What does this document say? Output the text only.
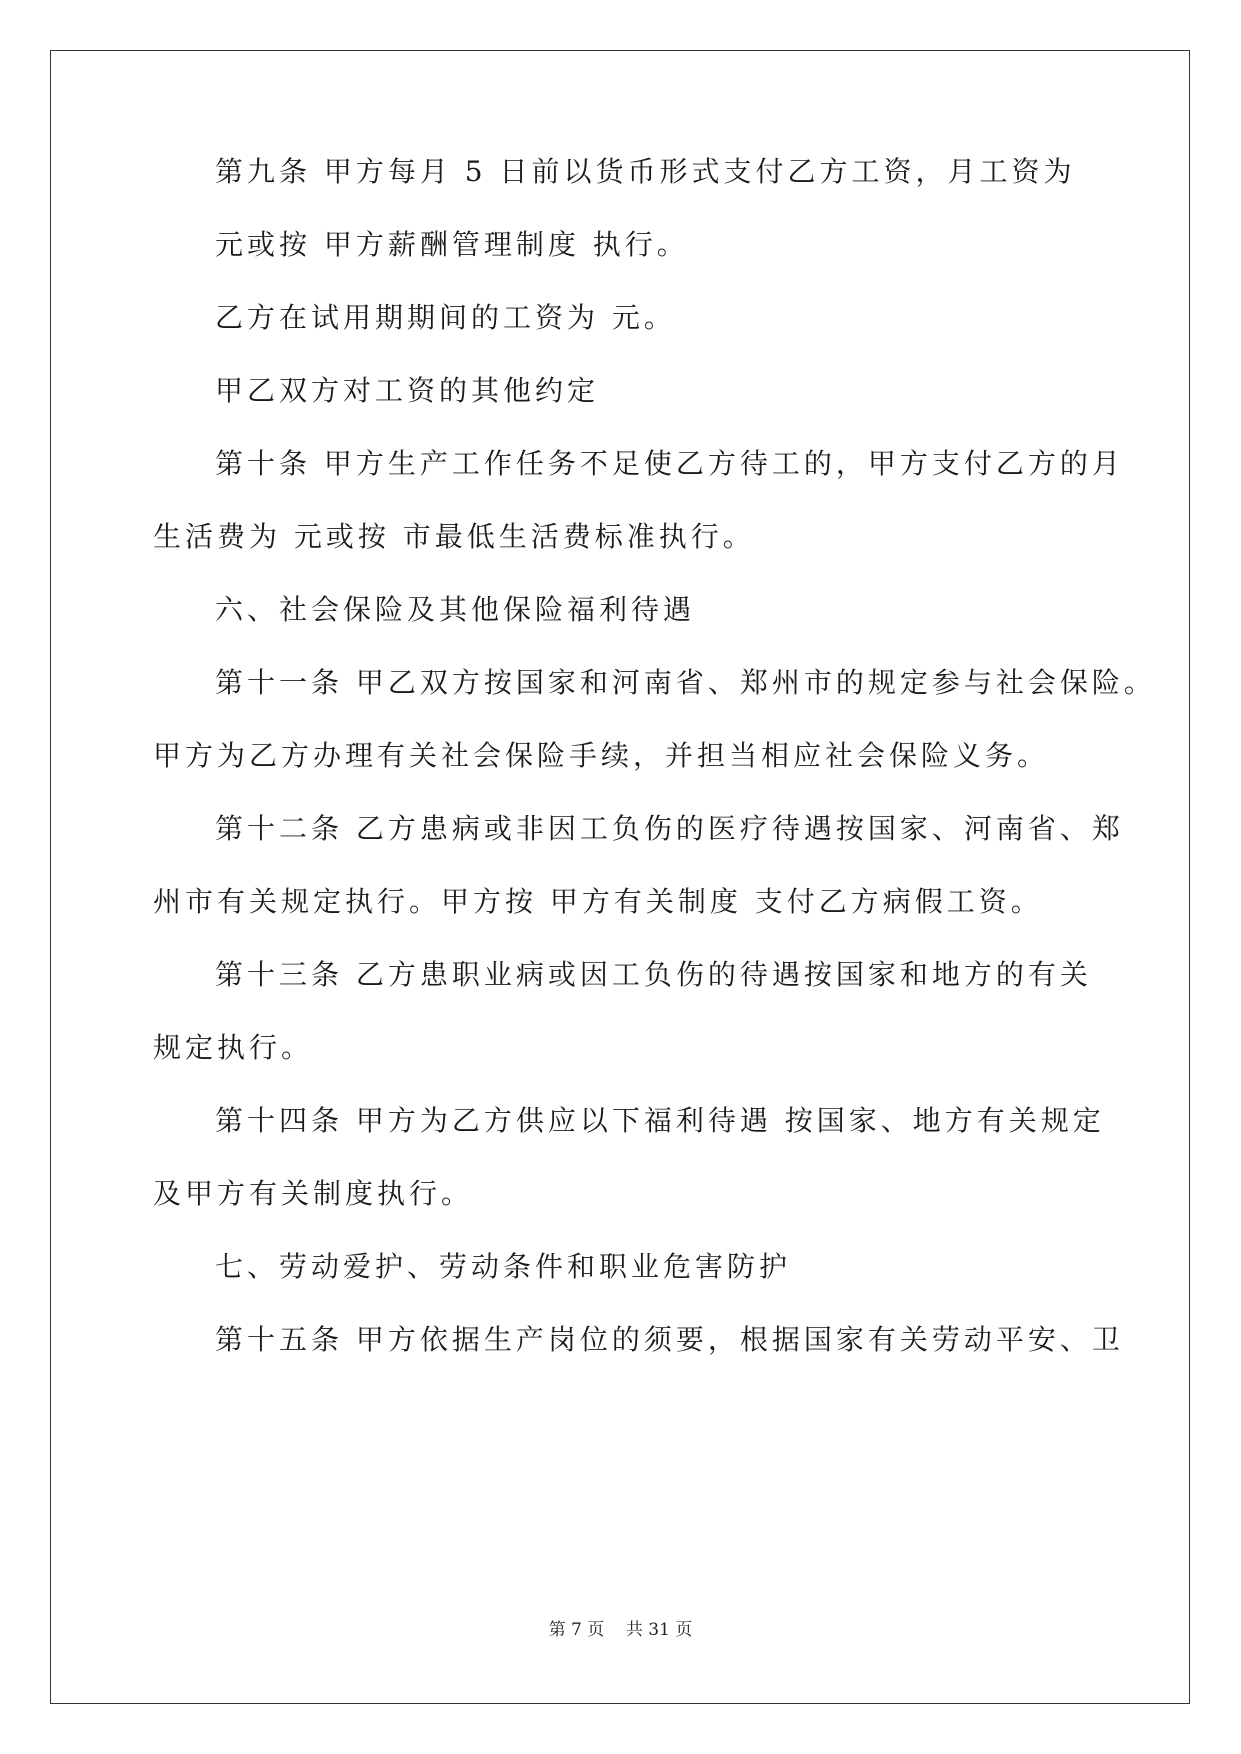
第九条 甲方每月 5 日前以货币形式支付乙方工资，月工资为
元或按 甲方薪酬管理制度 执行。
乙方在试用期期间的工资为 元。
甲乙双方对工资的其他约定
第十条 甲方生产工作任务不足使乙方待工的，甲方支付乙方的月
生活费为 元或按 市最低生活费标准执行。
六、社会保险及其他保险福利待遇
第十一条 甲乙双方按国家和河南省、郑州市的规定参与社会保险。
甲方为乙方办理有关社会保险手续，并担当相应社会保险义务。
第十二条 乙方患病或非因工负伤的医疗待遇按国家、河南省、郑
州市有关规定执行。甲方按 甲方有关制度 支付乙方病假工资。
第十三条 乙方患职业病或因工负伤的待遇按国家和地方的有关
规定执行。
第十四条 甲方为乙方供应以下福利待遇 按国家、地方有关规定
及甲方有关制度执行。
七、劳动爱护、劳动条件和职业危害防护
第十五条 甲方依据生产岗位的须要，根据国家有关劳动平安、卫
第 7 页    共 31 页
